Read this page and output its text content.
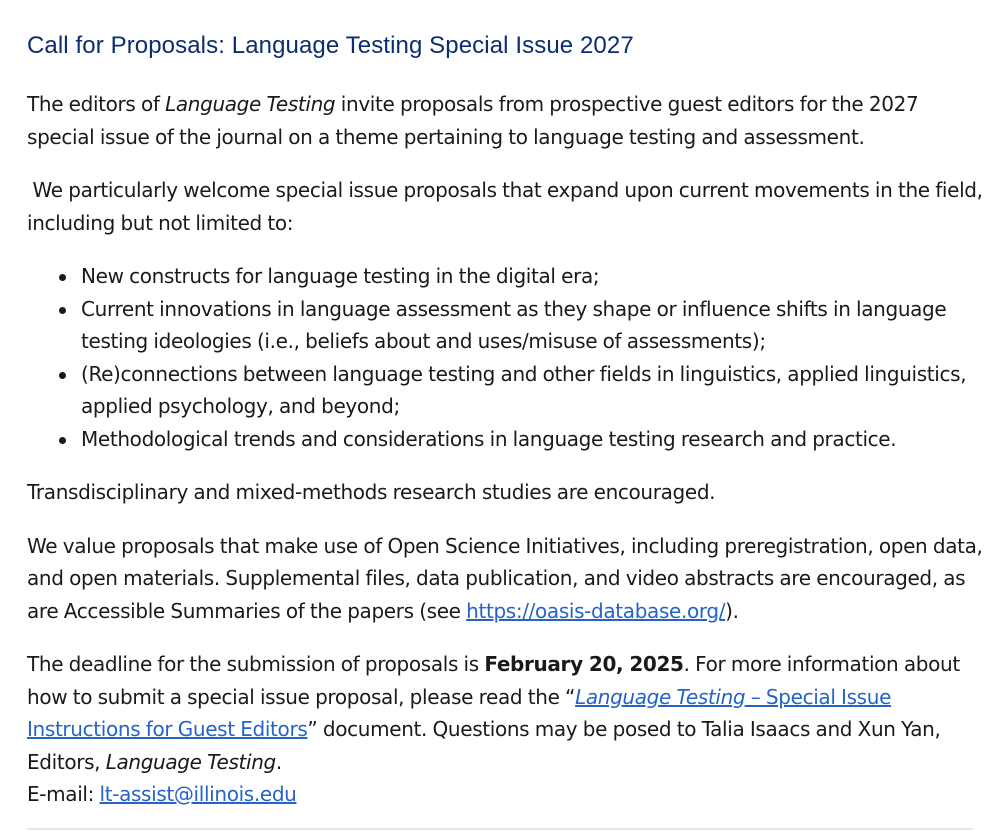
Call for Proposals: Language Testing Special Issue 2027

The editors of Language Testing invite proposals from prospective guest editors for the 2027 special issue of the journal on a theme pertaining to language testing and assessment.

We particularly welcome special issue proposals that expand upon current movements in the field, including but not limited to:

New constructs for language testing in the digital era;
Current innovations in language assessment as they shape or influence shifts in language testing ideologies (i.e., beliefs about and uses/misuse of assessments);
(Re)connections between language testing and other fields in linguistics, applied linguistics, applied psychology, and beyond;
Methodological trends and considerations in language testing research and practice.

Transdisciplinary and mixed-methods research studies are encouraged.

We value proposals that make use of Open Science Initiatives, including preregistration, open data, and open materials. Supplemental files, data publication, and video abstracts are encouraged, as are Accessible Summaries of the papers (see https://oasis-database.org/).

The deadline for the submission of proposals is February 20, 2025. For more information about how to submit a special issue proposal, please read the “Language Testing – Special Issue Instructions for Guest Editors” document. Questions may be posed to Talia Isaacs and Xun Yan, Editors, Language Testing.
E-mail: lt-assist@illinois.edu
